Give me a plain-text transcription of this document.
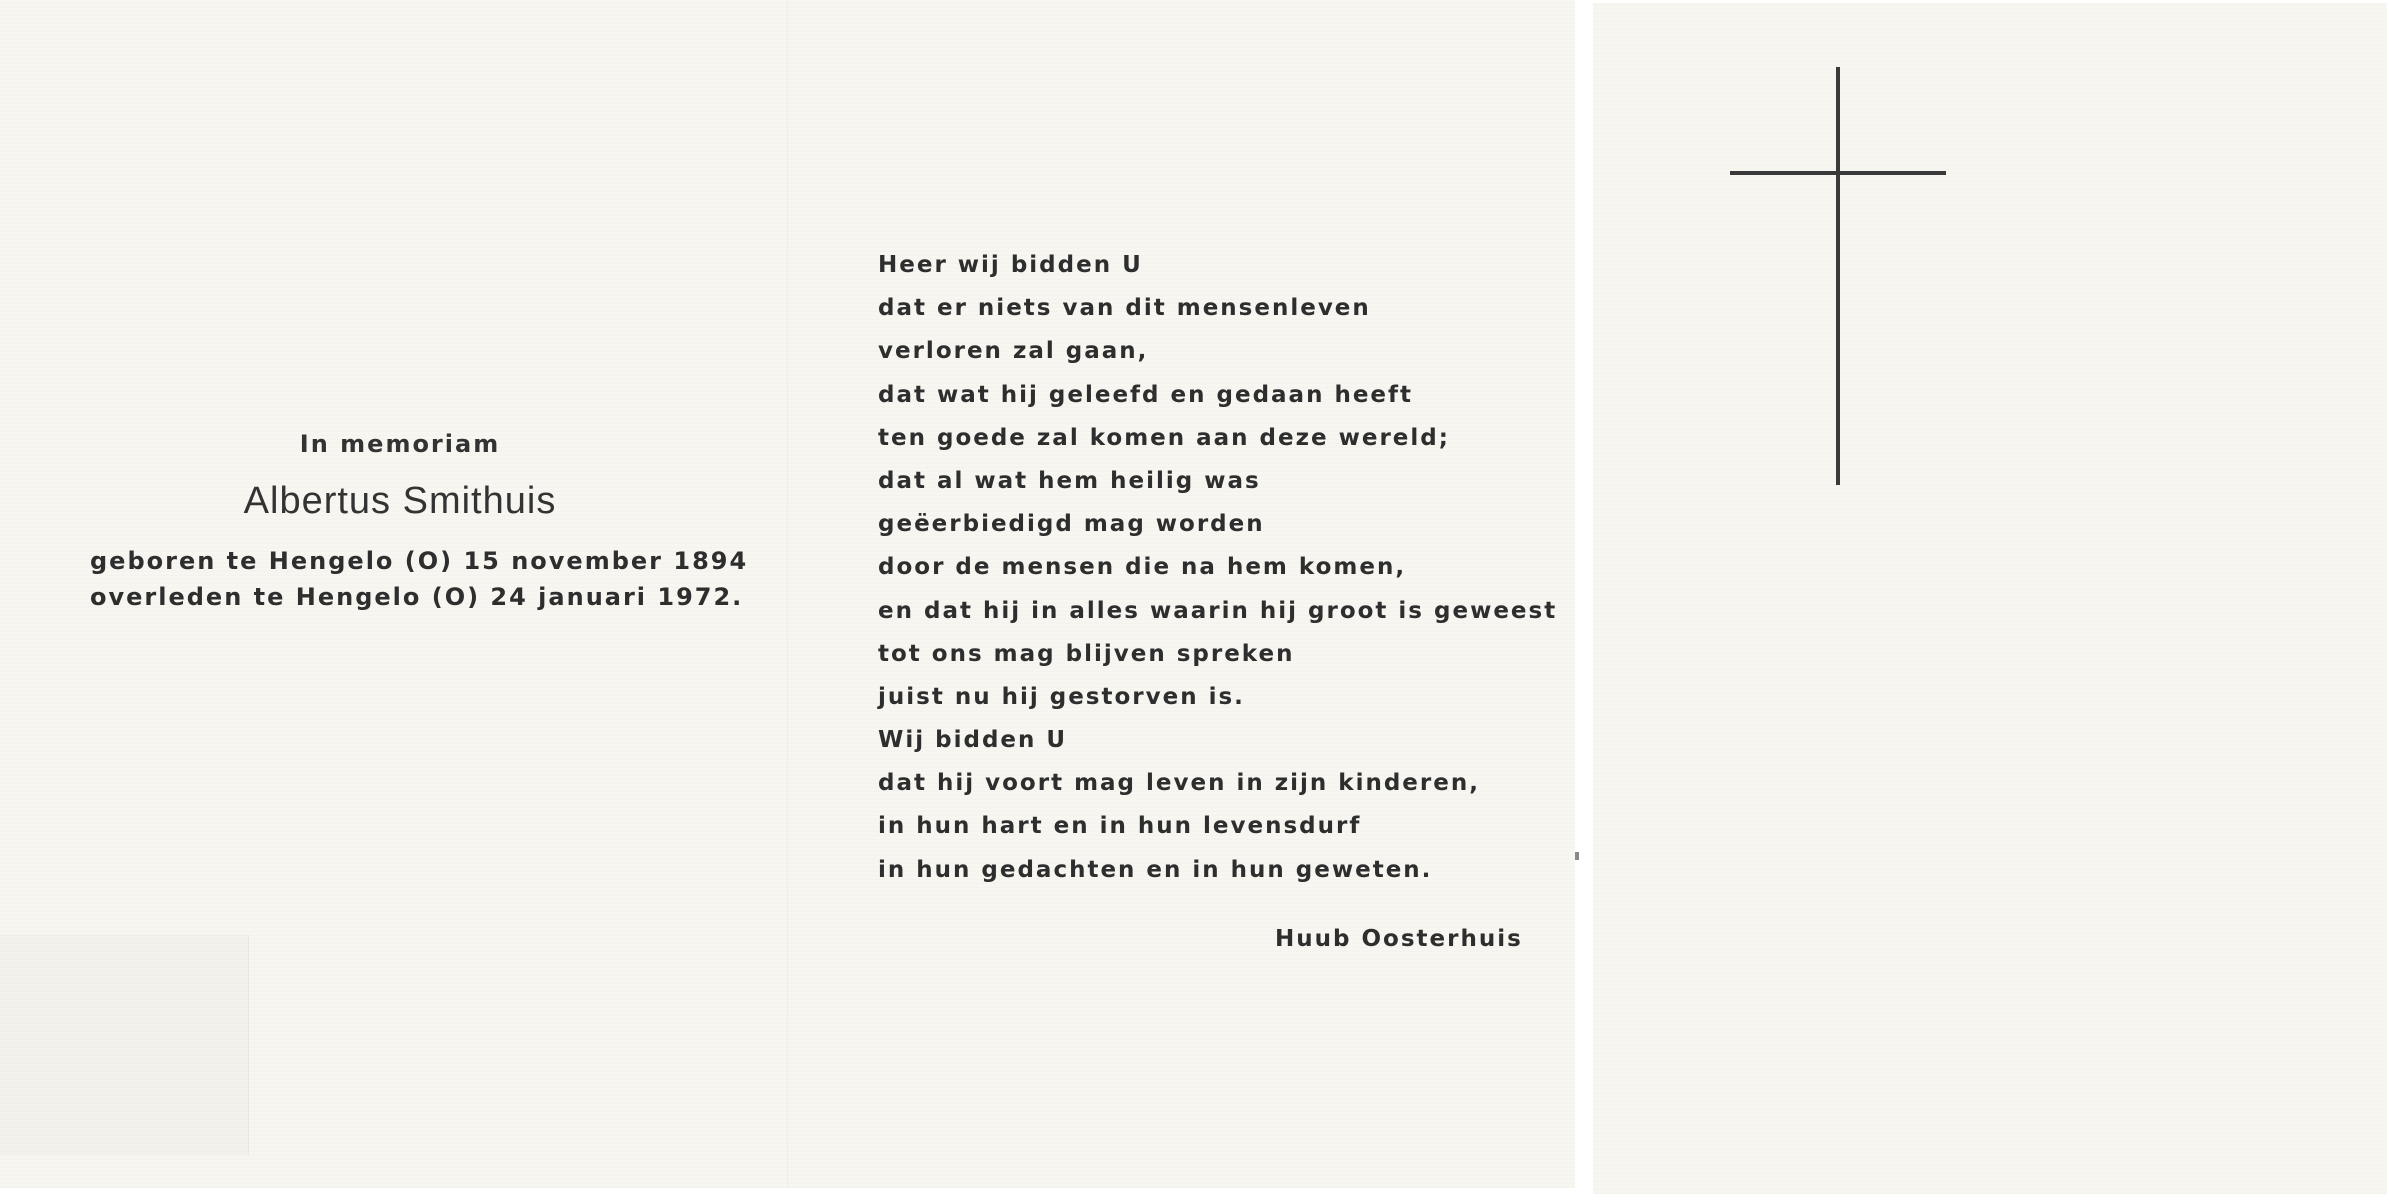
In memoriam
Albertus Smithuis
geboren te Hengelo (O) 15 november 1894
overleden te Hengelo (O) 24 januari 1972.
Heer wij bidden U
dat er niets van dit mensenleven
verloren zal gaan,
dat wat hij geleefd en gedaan heeft
ten goede zal komen aan deze wereld;
dat al wat hem heilig was
geëerbiedigd mag worden
door de mensen die na hem komen,
en dat hij in alles waarin hij groot is geweest
tot ons mag blijven spreken
juist nu hij gestorven is.
Wij bidden U
dat hij voort mag leven in zijn kinderen,
in hun hart en in hun levensdurf
in hun gedachten en in hun geweten.
Huub Oosterhuis
